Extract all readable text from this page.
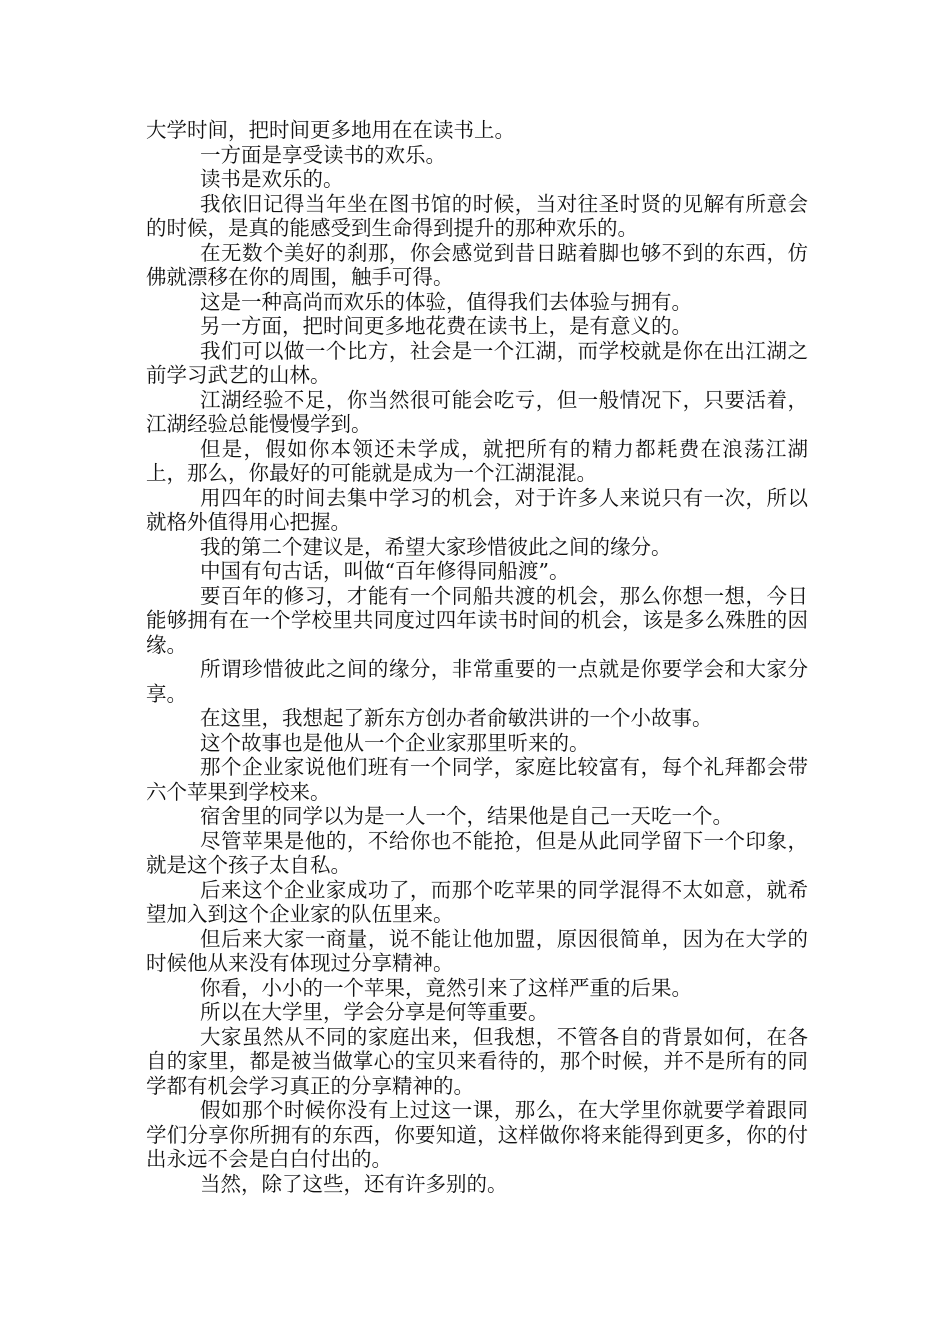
大学时间，把时间更多地用在在读书上。

一方面是享受读书的欢乐。

读书是欢乐的。

我依旧记得当年坐在图书馆的时候，当对往圣时贤的见解有所意会的时候，是真的能感受到生命得到提升的那种欢乐的。

在无数个美好的刹那，你会感觉到昔日踮着脚也够不到的东西，仿佛就漂移在你的周围，触手可得。

这是一种高尚而欢乐的体验，值得我们去体验与拥有。

另一方面，把时间更多地花费在读书上，是有意义的。

我们可以做一个比方，社会是一个江湖，而学校就是你在出江湖之前学习武艺的山林。

江湖经验不足，你当然很可能会吃亏，但一般情况下，只要活着，江湖经验总能慢慢学到。

但是，假如你本领还未学成，就把所有的精力都耗费在浪荡江湖上，那么，你最好的可能就是成为一个江湖混混。

用四年的时间去集中学习的机会，对于许多人来说只有一次，所以就格外值得用心把握。

我的第二个建议是，希望大家珍惜彼此之间的缘分。

中国有句古话，叫做“百年修得同船渡”。

要百年的修习，才能有一个同船共渡的机会，那么你想一想，今日能够拥有在一个学校里共同度过四年读书时间的机会，该是多么殊胜的因缘。

所谓珍惜彼此之间的缘分，非常重要的一点就是你要学会和大家分享。

在这里，我想起了新东方创办者俞敏洪讲的一个小故事。

这个故事也是他从一个企业家那里听来的。

那个企业家说他们班有一个同学，家庭比较富有，每个礼拜都会带六个苹果到学校来。

宿舍里的同学以为是一人一个，结果他是自己一天吃一个。

尽管苹果是他的，不给你也不能抢，但是从此同学留下一个印象，就是这个孩子太自私。

后来这个企业家成功了，而那个吃苹果的同学混得不太如意，就希望加入到这个企业家的队伍里来。

但后来大家一商量，说不能让他加盟，原因很简单，因为在大学的时候他从来没有体现过分享精神。

你看，小小的一个苹果，竟然引来了这样严重的后果。

所以在大学里，学会分享是何等重要。

大家虽然从不同的家庭出来，但我想，不管各自的背景如何，在各自的家里，都是被当做掌心的宝贝来看待的，那个时候，并不是所有的同学都有机会学习真正的分享精神的。

假如那个时候你没有上过这一课，那么，在大学里你就要学着跟同学们分享你所拥有的东西，你要知道，这样做你将来能得到更多，你的付出永远不会是白白付出的。

当然，除了这些，还有许多别的。
